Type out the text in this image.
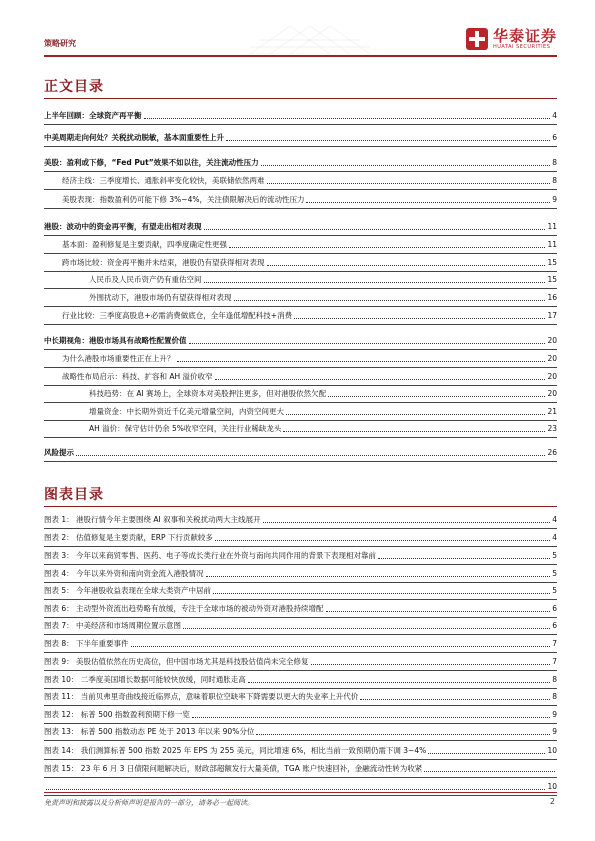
策略研究	华泰证券
HUATAI SECURITIES
正文目录
上半年回顾：全球资产再平衡	4
中美周期走向何处？关税扰动脱敏，基本面重要性上升	6
美股：盈利或下修，“Fed Put”效果不如以往，关注流动性压力	8
经济主线：三季度增长、通胀斜率变化较快，美联储依然两难	8
美股表现：指数盈利仍可能下修 3%~4%，关注债限解决后的流动性压力	9
港股：波动中的资金再平衡，有望走出相对表现	11
基本面：盈利修复是主要贡献，四季度确定性更强	11
跨市场比较：资金再平衡并未结束，港股仍有望获得相对表现	15
人民币及人民币资产仍有重估空间	15
外围扰动下，港股市场仍有望获得相对表现	16
行业比较：三季度高股息+必需消费做底仓，全年逢低增配科技+消费	17
中长期视角：港股市场具有战略性配置价值	20
为什么港股市场重要性正在上升？	20
战略性布局启示：科技、扩容和 AH 溢价收窄	20
科技趋势：在 AI 赛场上，全球资本对美股押注更多，但对港股依然欠配	20
增量资金：中长期外资近千亿美元增量空间，内资空间更大	21
AH 溢价：保守估计仍余 5%收窄空间，关注行业稀缺龙头	23
风险提示	26
图表目录
图表 1： 港股行情今年主要围绕 AI 叙事和关税扰动两大主线展开	4
图表 2： 估值修复是主要贡献，ERP 下行贡献较多	4
图表 3： 今年以来商贸零售、医药、电子等成长类行业在外资与南向共同作用的背景下表现相对靠前	5
图表 4： 今年以来外资和南向资金流入港股情况	5
图表 5： 今年港股收益表现在全球大类资产中居前	5
图表 6： 主动型外资流出趋势略有放缓，专注于全球市场的被动外资对港股持续增配	6
图表 7： 中美经济和市场周期位置示意图	6
图表 8： 下半年重要事件	7
图表 9： 美股估值依然在历史高位，但中国市场尤其是科技股估值尚未完全修复	7
图表 10： 二季度美国增长数据可能较快放缓，同时通胀走高	8
图表 11： 当前贝弗里奇曲线接近临界点，意味着职位空缺率下降需要以更大的失业率上升代价	8
图表 12： 标普 500 指数盈利预期下修一览	9
图表 13： 标普 500 指数动态 PE 处于 2013 年以来 90%分位	9
图表 14： 我们测算标普 500 指数 2025 年 EPS 为 255 美元，同比增速 6%，相比当前一致预期仍需下调 3~4%	10
图表 15： 23 年 6 月 3 日债限问题解决后，财政部超额发行大量美债，TGA 账户快速回补，金融流动性转为收紧
10
免责声明和披露以及分析师声明是报告的一部分，请务必一起阅读。	2
